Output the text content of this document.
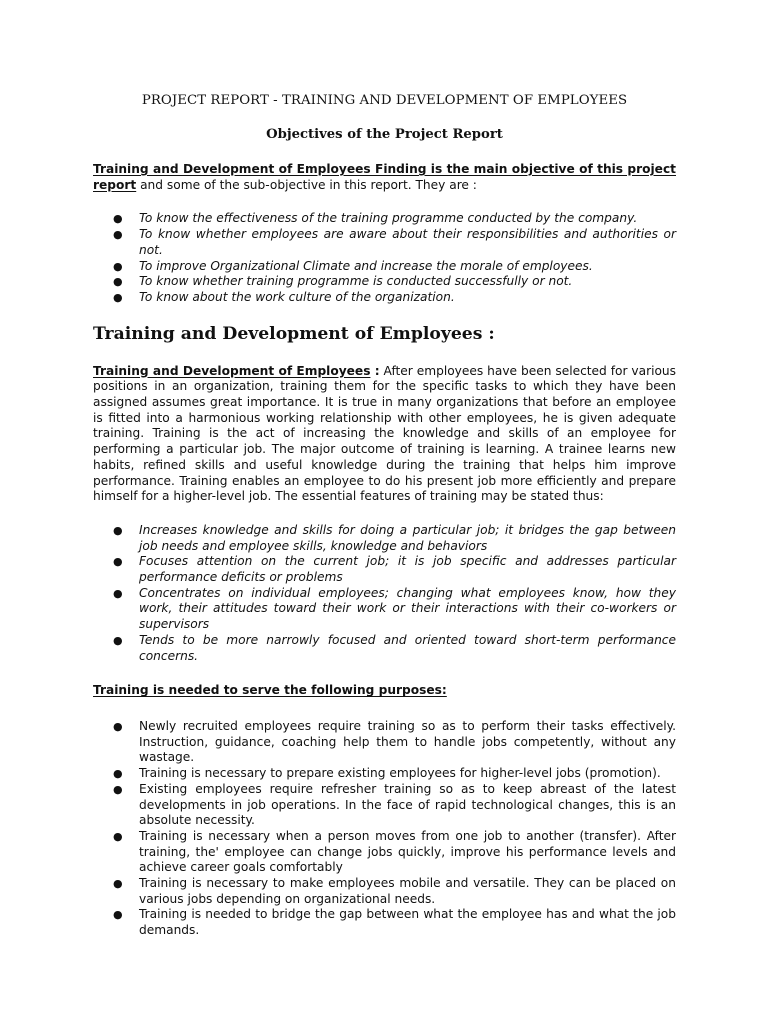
PROJECT REPORT - TRAINING AND DEVELOPMENT OF EMPLOYEES
Objectives of the Project Report

Training and Development of Employees Finding is the main objective of this project report and some of the sub-objective in this report. They are :

● To know the effectiveness of the training programme conducted by the company.
● To know whether employees are aware about their responsibilities and authorities or not.
● To improve Organizational Climate and increase the morale of employees.
● To know whether training programme is conducted successfully or not.
● To know about the work culture of the organization.
Training and Development of Employees :

Training and Development of Employees : After employees have been selected for various positions in an organization, training them for the specific tasks to which they have been assigned assumes great importance. It is true in many organizations that before an employee is fitted into a harmonious working relationship with other employees, he is given adequate training. Training is the act of increasing the knowledge and skills of an employee for performing a particular job. The major outcome of training is learning. A trainee learns new habits, refined skills and useful knowledge during the training that helps him improve performance. Training enables an employee to do his present job more efficiently and prepare himself for a higher-level job. The essential features of training may be stated thus:

● Increases knowledge and skills for doing a particular job; it bridges the gap between job needs and employee skills, knowledge and behaviors
● Focuses attention on the current job; it is job specific and addresses particular performance deficits or problems
● Concentrates on individual employees; changing what employees know, how they work, their attitudes toward their work or their interactions with their co-workers or supervisors
● Tends to be more narrowly focused and oriented toward short-term performance concerns.

Training is needed to serve the following purposes:

● Newly recruited employees require training so as to perform their tasks effectively. Instruction, guidance, coaching help them to handle jobs competently, without any wastage.
● Training is necessary to prepare existing employees for higher-level jobs (promotion).
● Existing employees require refresher training so as to keep abreast of the latest developments in job operations. In the face of rapid technological changes, this is an absolute necessity.
● Training is necessary when a person moves from one job to another (transfer). After training, the' employee can change jobs quickly, improve his performance levels and achieve career goals comfortably
● Training is necessary to make employees mobile and versatile. They can be placed on various jobs depending on organizational needs.
● Training is needed to bridge the gap between what the employee has and what the job demands.
